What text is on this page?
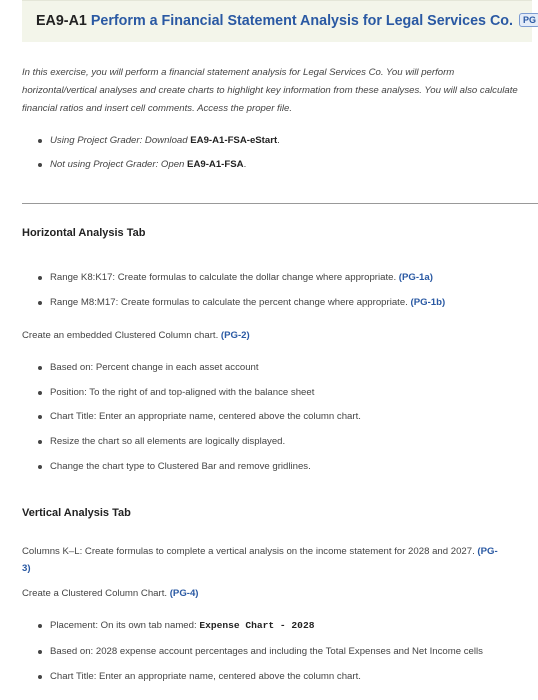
EA9-A1 Perform a Financial Statement Analysis for Legal Services Co. PG
In this exercise, you will perform a financial statement analysis for Legal Services Co. You will perform horizontal/vertical analyses and create charts to highlight key information from these analyses. You will also calculate financial ratios and insert cell comments. Access the proper file.
Using Project Grader: Download EA9-A1-FSA-eStart.
Not using Project Grader: Open EA9-A1-FSA.
Horizontal Analysis Tab
Range K8:K17: Create formulas to calculate the dollar change where appropriate. (PG-1a)
Range M8:M17: Create formulas to calculate the percent change where appropriate. (PG-1b)
Create an embedded Clustered Column chart. (PG-2)
Based on: Percent change in each asset account
Position: To the right of and top-aligned with the balance sheet
Chart Title: Enter an appropriate name, centered above the column chart.
Resize the chart so all elements are logically displayed.
Change the chart type to Clustered Bar and remove gridlines.
Vertical Analysis Tab
Columns K–L: Create formulas to complete a vertical analysis on the income statement for 2028 and 2027. (PG-
3)
Create a Clustered Column Chart. (PG-4)
Placement: On its own tab named: Expense Chart - 2028
Based on: 2028 expense account percentages and including the Total Expenses and Net Income cells
Chart Title: Enter an appropriate name, centered above the column chart.
